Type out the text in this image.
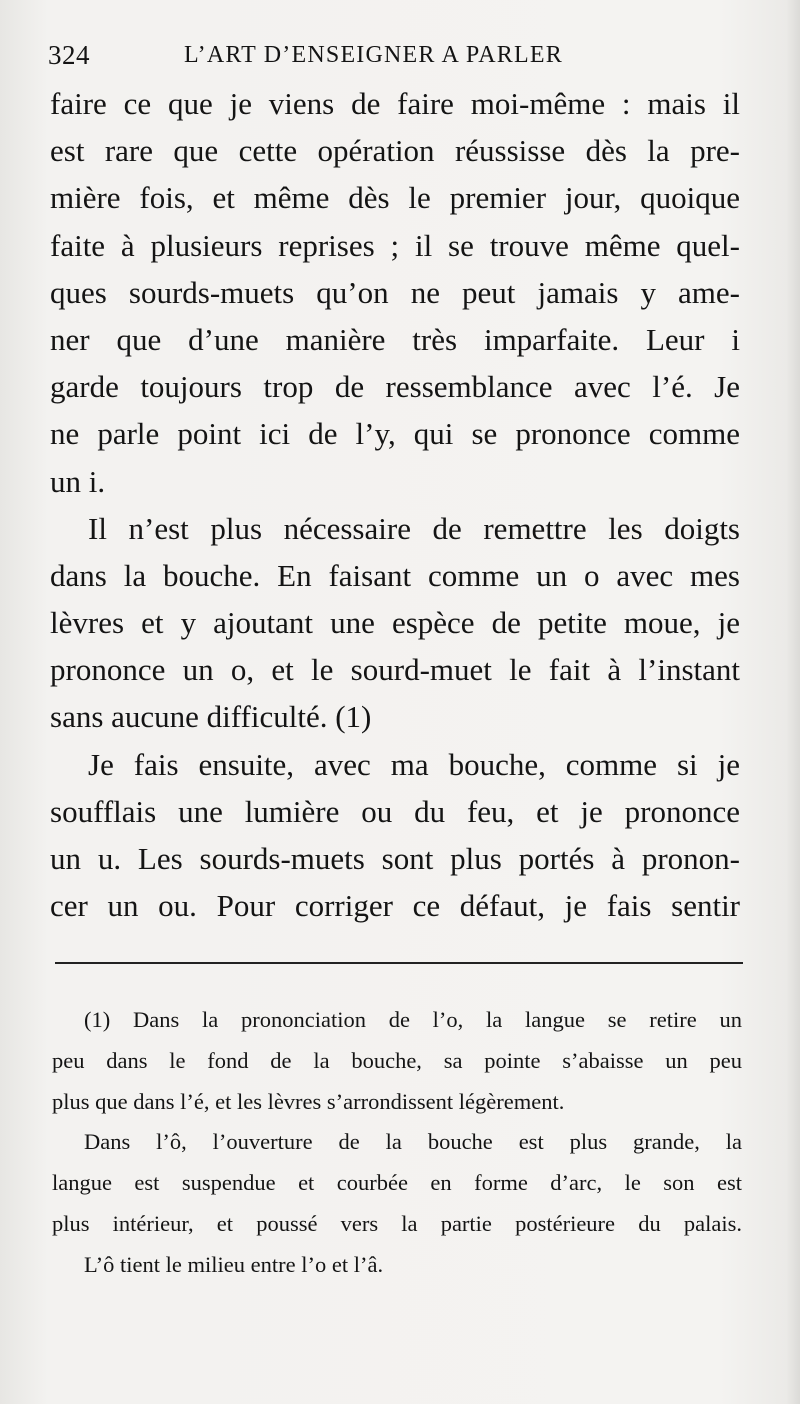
324	L’ART D’ENSEIGNER A PARLER
faire ce que je viens de faire moi-même : mais il
est rare que cette opération réussisse dès la pre-
mière fois, et même dès le premier jour, quoique
faite à plusieurs reprises ; il se trouve même quel-
ques sourds-muets qu’on ne peut jamais y ame-
ner que d’une manière très imparfaite. Leur i
garde toujours trop de ressemblance avec l’é. Je
ne parle point ici de l’y, qui se prononce comme
un i.
Il n’est plus nécessaire de remettre les doigts
dans la bouche. En faisant comme un o avec mes
lèvres et y ajoutant une espèce de petite moue, je
prononce un o, et le sourd-muet le fait à l’instant
sans aucune difficulté. (1)
Je fais ensuite, avec ma bouche, comme si je
soufflais une lumière ou du feu, et je prononce
un u. Les sourds-muets sont plus portés à pronon-
cer un ou. Pour corriger ce défaut, je fais sentir
(1) Dans la prononciation de l’o, la langue se retire un
peu dans le fond de la bouche, sa pointe s’abaisse un peu
plus que dans l’é, et les lèvres s’arrondissent légèrement.
Dans l’ô, l’ouverture de la bouche est plus grande, la
langue est suspendue et courbée en forme d’arc, le son est
plus intérieur, et poussé vers la partie postérieure du palais.
L’ô tient le milieu entre l’o et l’â.
